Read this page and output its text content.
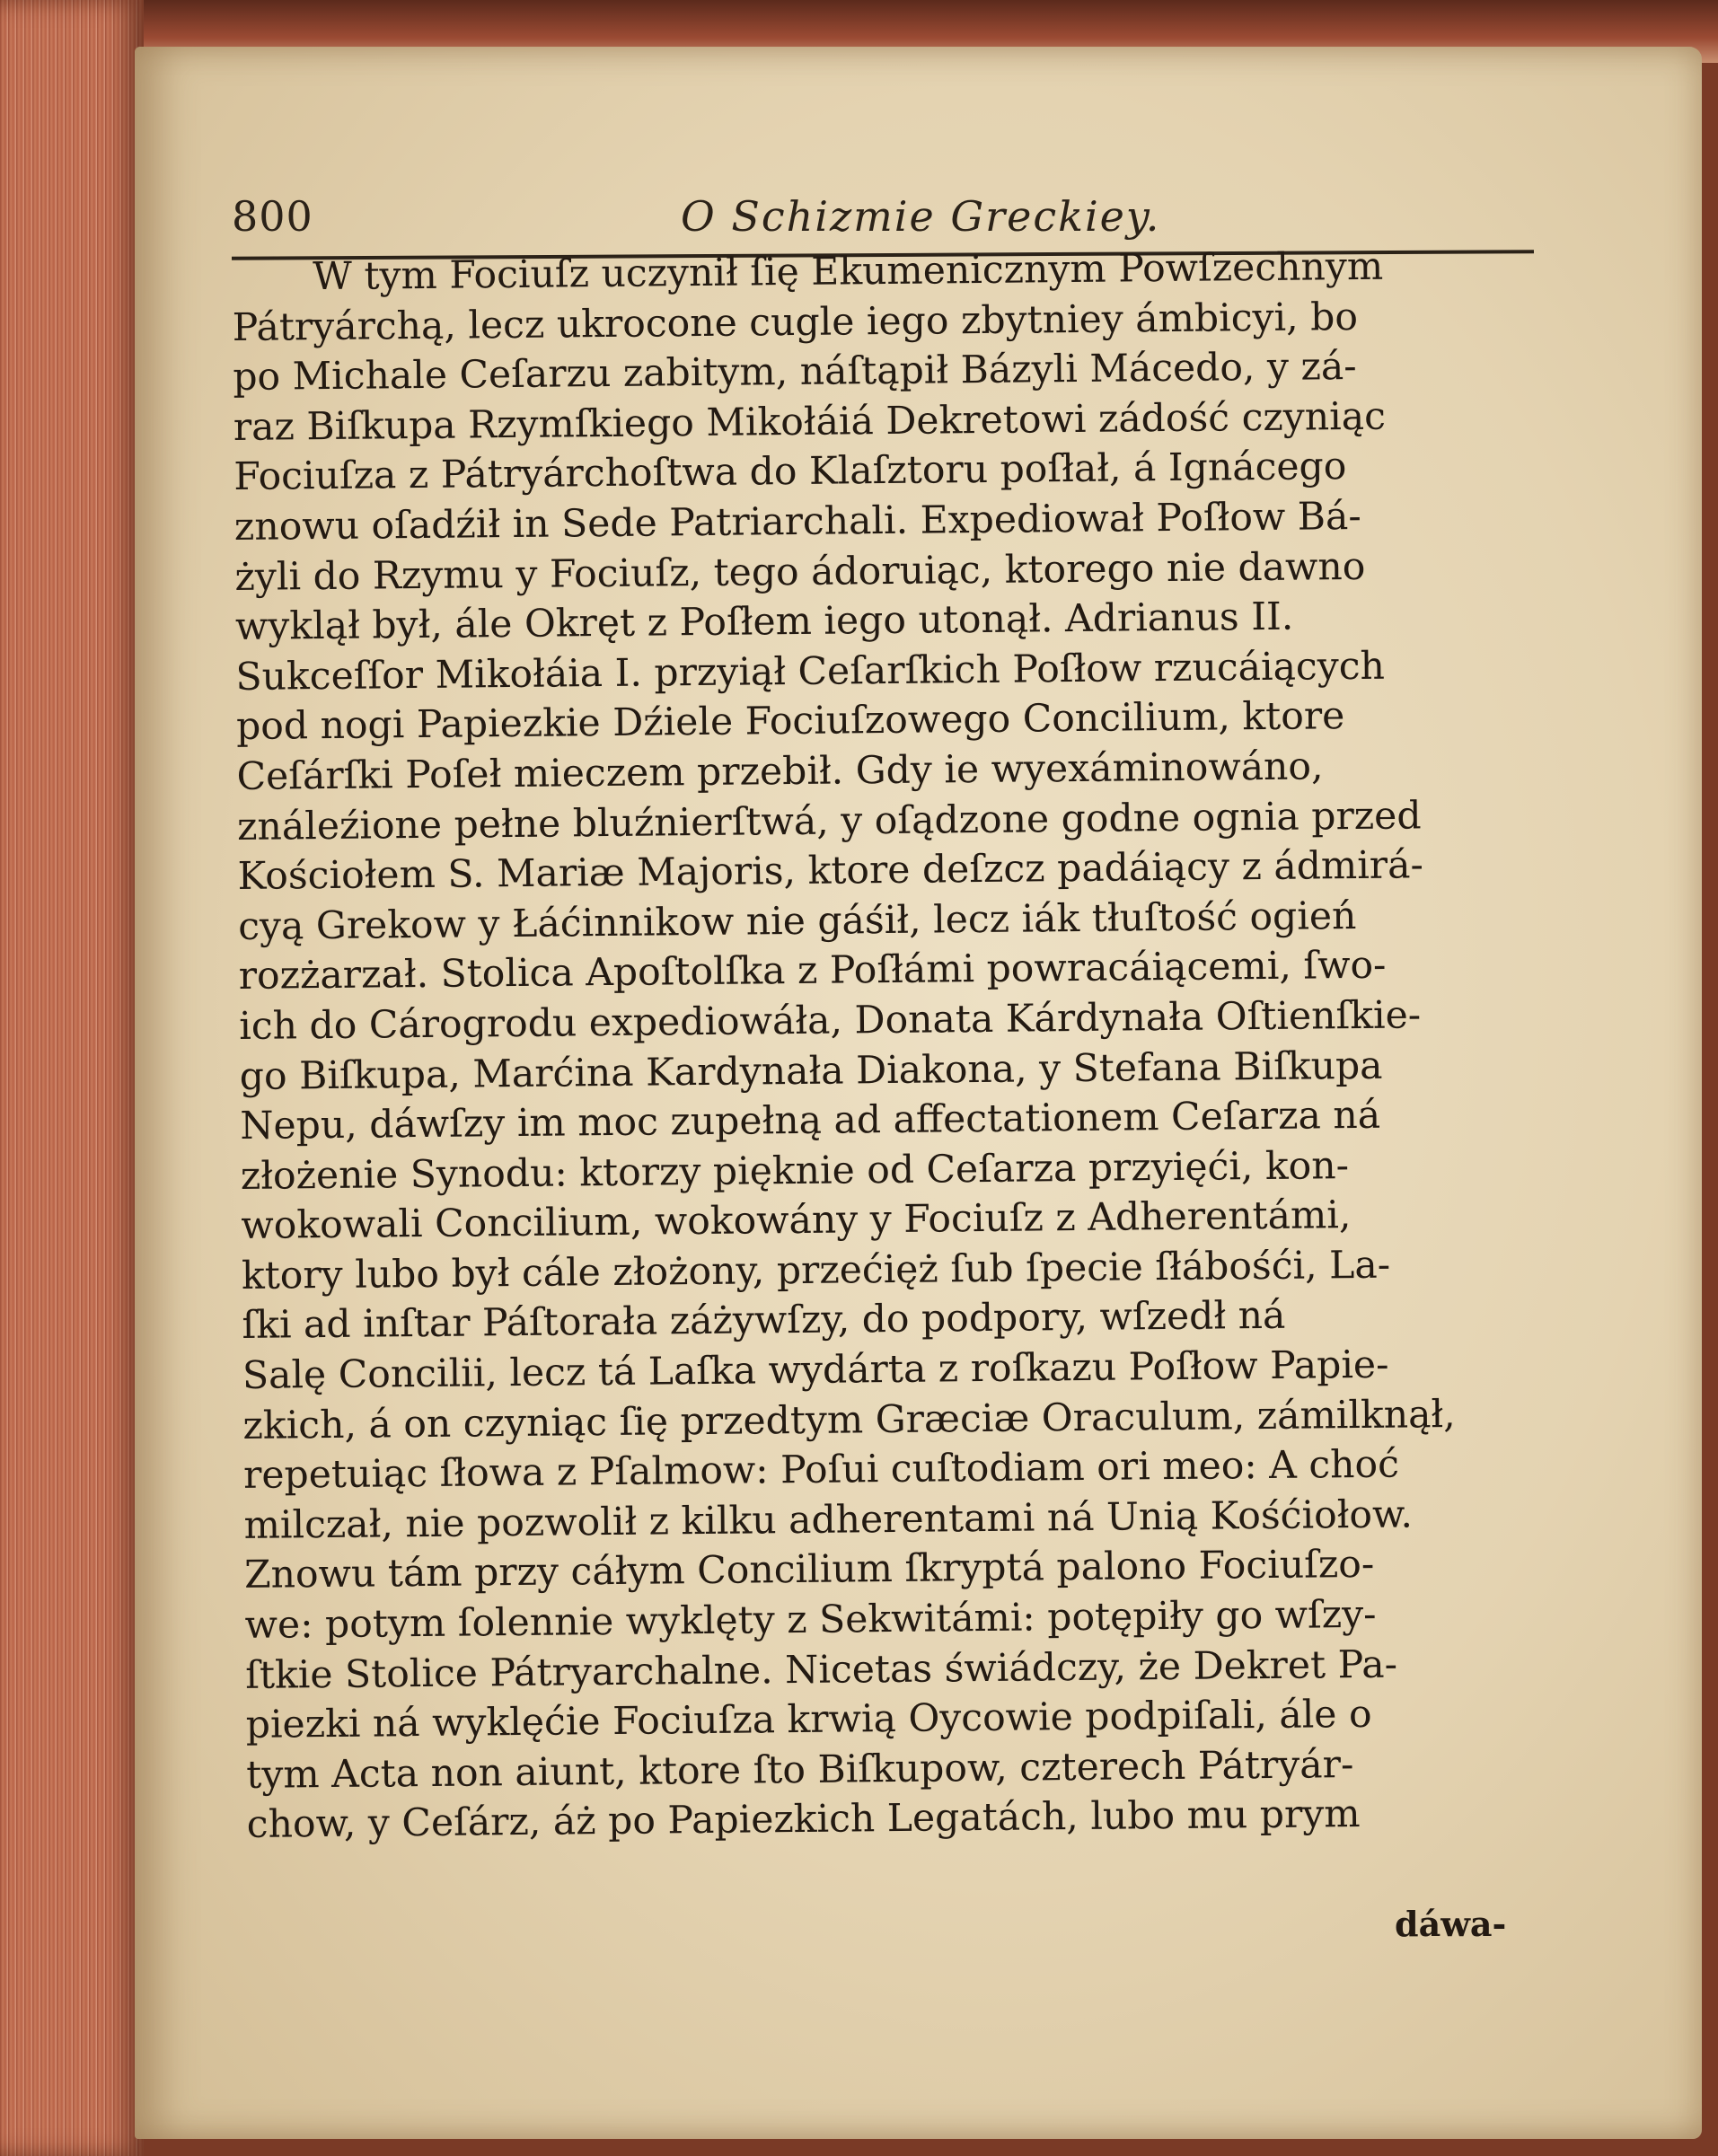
800	O Schizmie Greckiey.
W tym Fociuſz uczynił ſię Ekumenicznym Powſzechnym
Pátryárchą, lecz ukrocone cugle iego zbytniey ámbicyi, bo
po Michale Ceſarzu zabitym, náſtąpił Bázyli Mácedo, y zá-
raz Biſkupa Rzymſkiego Mikołáiá Dekretowi zádość czyniąc
Fociuſza z Pátryárchoſtwa do Klaſztoru poſłał, á Ignácego
znowu oſadźił in Sede Patriarchali. Expediował Poſłow Bá-
żyli do Rzymu y Fociuſz, tego ádoruiąc, ktorego nie dawno
wyklął był, ále Okręt z Poſłem iego utonął. Adrianus II.
Sukceſſor Mikołáia I. przyiął Ceſarſkich Poſłow rzucáiących
pod nogi Papiezkie Dźiele Fociuſzowego Concilium, ktore
Ceſárſki Poſeł mieczem przebił. Gdy ie wyexáminowáno,
ználeźione pełne bluźnierſtwá, y oſądzone godne ognia przed
Kościołem S. Mariæ Majoris, ktore deſzcz padáiący z ádmirá-
cyą Grekow y Łáćinnikow nie gáśił, lecz iák tłuſtość ogień
rozżarzał. Stolica Apoſtolſka z Poſłámi powracáiącemi, ſwo-
ich do Cárogrodu expediowáła, Donata Kárdynała Oſtienſkie-
go Biſkupa, Marćina Kardynała Diakona, y Stefana Biſkupa
Nepu, dáwſzy im moc zupełną ad affectationem Ceſarza ná
złożenie Synodu: ktorzy pięknie od Ceſarza przyięći, kon-
wokowali Concilium, wokowány y Fociuſz z Adherentámi,
ktory lubo był cále złożony, przećięż ſub ſpecie ſłábośći, La-
ſki ad inſtar Páſtorała záżywſzy, do podpory, wſzedł ná
Salę Concilii, lecz tá Laſka wydárta z roſkazu Poſłow Papie-
zkich, á on czyniąc ſię przedtym Græciæ Oraculum, zámilknął,
repetuiąc ſłowa z Pſalmow: Poſui cuſtodiam ori meo: A choć
milczał, nie pozwolił z kilku adherentami ná Unią Kośćiołow.
Znowu tám przy cáłym Concilium ſkryptá palono Fociuſzo-
we: potym ſolennie wyklęty z Sekwitámi: potępiły go wſzy-
ſtkie Stolice Pátryarchalne. Nicetas świádczy, że Dekret Pa-
piezki ná wyklęćie Fociuſza krwią Oycowie podpiſali, ále o
tym Acta non aiunt, ktore ſto Biſkupow, czterech Pátryár-
chow, y Ceſárz, áż po Papiezkich Legatách, lubo mu prym
dáwa-
